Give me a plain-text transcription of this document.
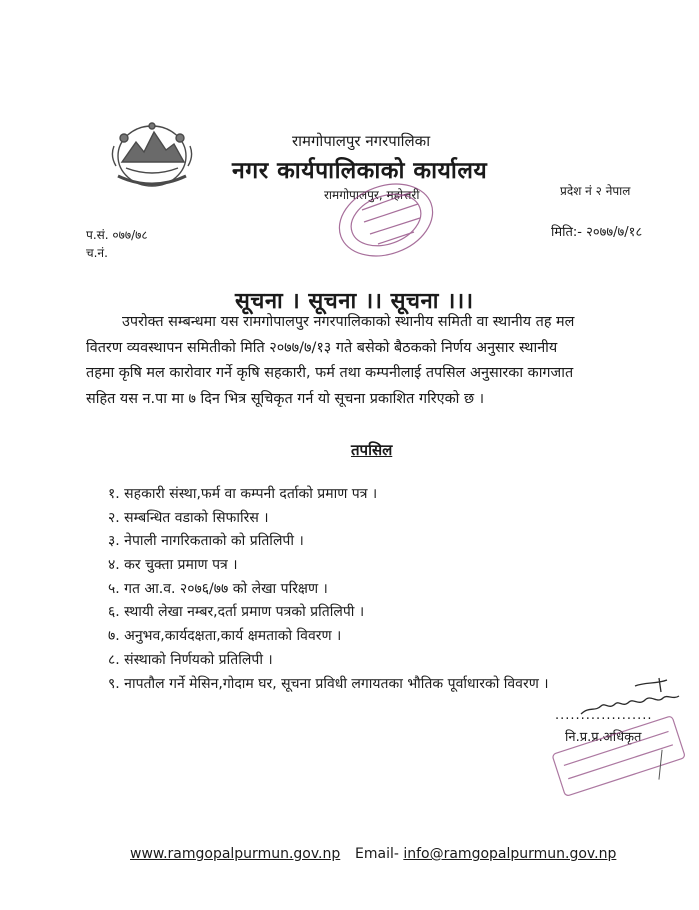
रामगोपालपुर नगरपालिका
नगर कार्यपालिकाको कार्यालय
रामगोपालपुर, महोत्तरी	प्रदेश नं २ नेपाल
प.सं. ०७७/७८
च.नं.
मिति:- २०७७/७/१८
सूचना । सूचना ।। सूचना ।।।
उपरोक्त सम्बन्धमा यस रामगोपालपुर नगरपालिकाको स्थानीय समिती वा स्थानीय तह मल
वितरण व्यवस्थापन समितीको मिति २०७७/७/१३ गते बसेको बैठकको निर्णय अनुसार स्थानीय
तहमा कृषि मल कारोवार गर्ने कृषि सहकारी, फर्म तथा कम्पनीलाई तपसिल अनुसारका कागजात
सहित यस न.पा मा ७ दिन भित्र सूचिकृत गर्न यो सूचना प्रकाशित गरिएको छ ।
तपसिल
१. सहकारी संस्था,फर्म वा कम्पनी दर्ताको प्रमाण पत्र ।
२. सम्बन्धित वडाको सिफारिस ।
३. नेपाली नागरिकताको को प्रतिलिपी ।
४. कर चुक्ता प्रमाण पत्र ।
५. गत आ.व. २०७६/७७ को लेखा परिक्षण ।
६. स्थायी लेखा नम्बर,दर्ता प्रमाण पत्रको प्रतिलिपी ।
७. अनुभव,कार्यदक्षता,कार्य क्षमताको विवरण ।
८. संस्थाको निर्णयको प्रतिलिपी ।
९. नापतौल गर्ने मेसिन,गोदाम घर, सूचना प्रविधी लगायतका भौतिक पूर्वाधारको विवरण ।
...................
नि.प्र.प्र.अधिकृत
www.ramgopalpurmun.gov.np Email- info@ramgopalpurmun.gov.np
